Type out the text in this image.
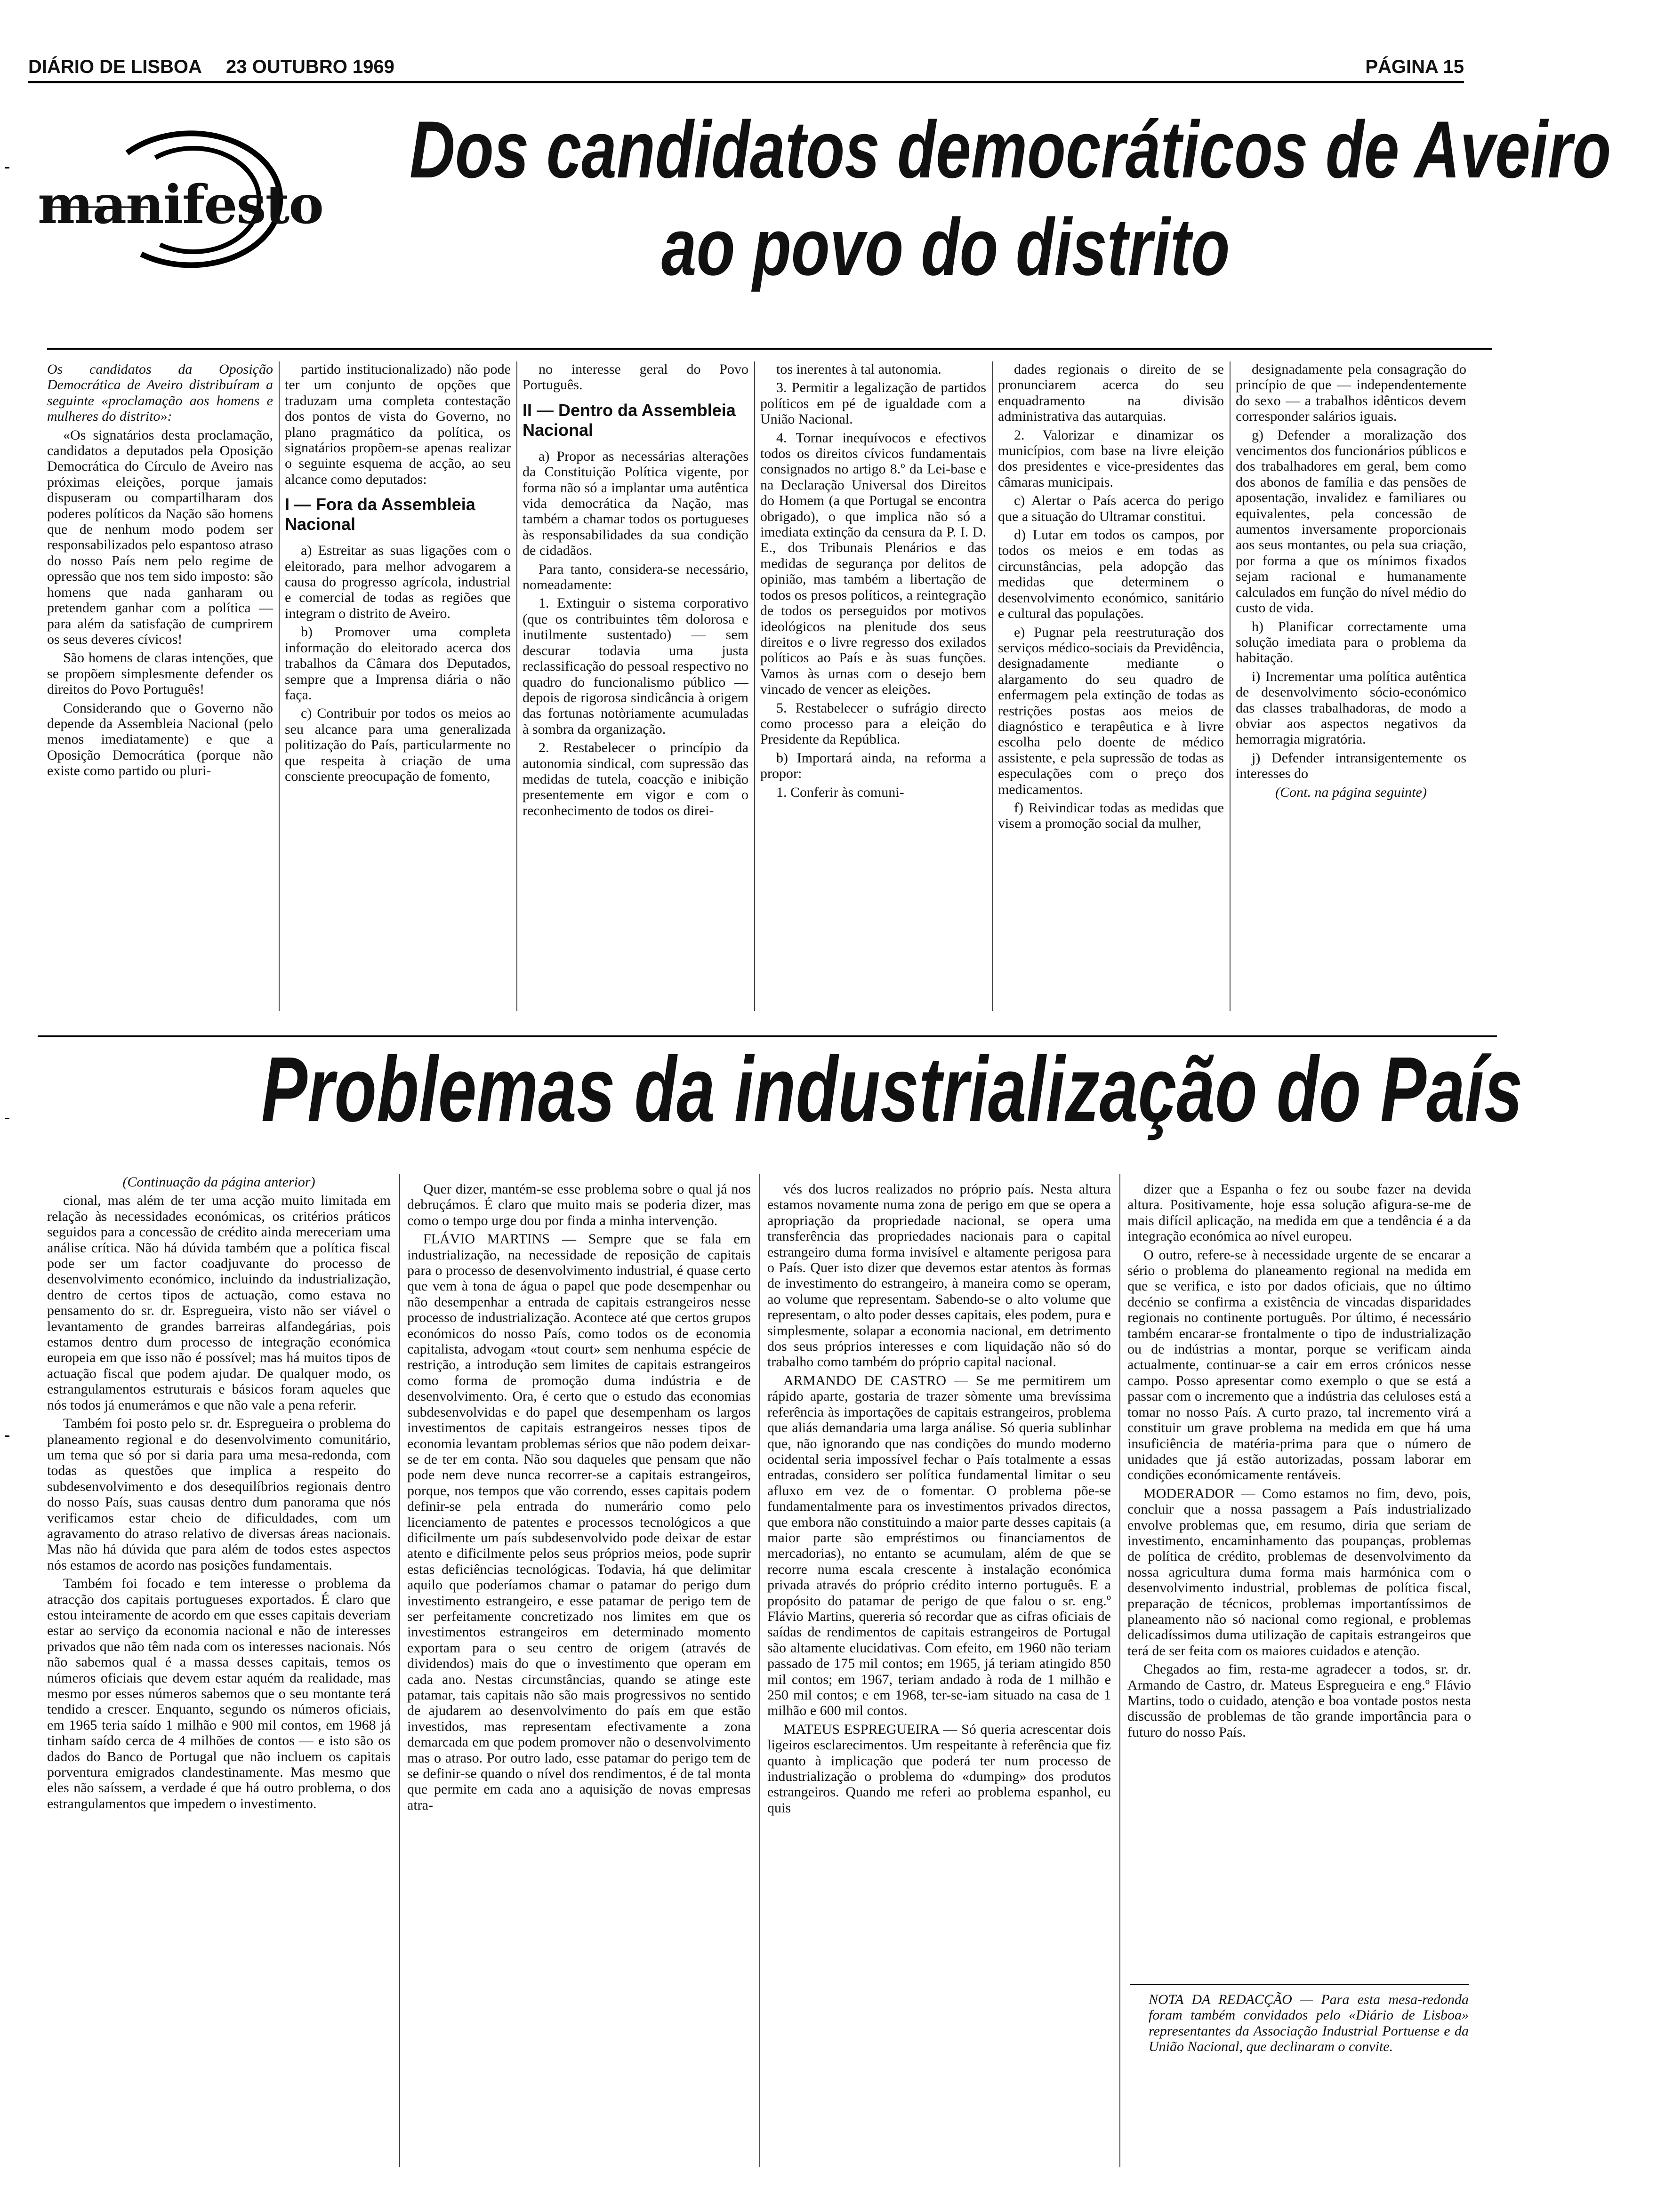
DIÁRIO DE LISBOA 23 OUTUBRO 1969	PÁGINA 15
manifesto
Dos candidatos democráticos de Aveiro
ao povo do distrito

Os candidatos da Oposição Democrática de Aveiro distribuíram a seguinte «proclamação aos homens e mulheres do distrito»:

«Os signatários desta proclamação, candidatos a deputados pela Oposição Democrática do Círculo de Aveiro nas próximas eleições, porque jamais dispuseram ou compartilharam dos poderes políticos da Nação são homens que de nenhum modo podem ser responsabilizados pelo espantoso atraso do nosso País nem pelo regime de opressão que nos tem sido imposto: são homens que nada ganharam ou pretendem ganhar com a política — para além da satisfação de cumprirem os seus deveres cívicos!

São homens de claras intenções, que se propõem simplesmente defender os direitos do Povo Português!

Considerando que o Governo não depende da Assembleia Nacional (pelo menos imediatamente) e que a Oposição Democrática (porque não existe como partido ou pluri-

partido institucionalizado) não pode ter um conjunto de opções que traduzam uma completa contestação dos pontos de vista do Governo, no plano pragmático da política, os signatários propõem-se apenas realizar o seguinte esquema de acção, ao seu alcance como deputados:

I — Fora da Assembleia Nacional

a) Estreitar as suas ligações com o eleitorado, para melhor advogarem a causa do progresso agrícola, industrial e comercial de todas as regiões que integram o distrito de Aveiro.

b) Promover uma completa informação do eleitorado acerca dos trabalhos da Câmara dos Deputados, sempre que a Imprensa diária o não faça.

c) Contribuir por todos os meios ao seu alcance para uma generalizada politização do País, particularmente no que respeita à criação de uma consciente preocupação de fomento,

no interesse geral do Povo Português.

II — Dentro da Assembleia Nacional

a) Propor as necessárias alterações da Constituição Política vigente, por forma não só a implantar uma autêntica vida democrática da Nação, mas também a chamar todos os portugueses às responsabilidades da sua condição de cidadãos.

Para tanto, considera-se necessário, nomeadamente:

1. Extinguir o sistema corporativo (que os contribuintes têm dolorosa e inutilmente sustentado) — sem descurar todavia uma justa reclassificação do pessoal respectivo no quadro do funcionalismo público — depois de rigorosa sindicância à origem das fortunas notòriamente acumuladas à sombra da organização.

2. Restabelecer o princípio da autonomia sindical, com supressão das medidas de tutela, coacção e inibição presentemente em vigor e com o reconhecimento de todos os direi-

tos inerentes à tal autonomia.

3. Permitir a legalização de partidos políticos em pé de igualdade com a União Nacional.

4. Tornar inequívocos e efectivos todos os direitos cívicos fundamentais consignados no artigo 8.º da Lei-base e na Declaração Universal dos Direitos do Homem (a que Portugal se encontra obrigado), o que implica não só a imediata extinção da censura da P. I. D. E., dos Tribunais Plenários e das medidas de segurança por delitos de opinião, mas também a libertação de todos os presos políticos, a reintegração de todos os perseguidos por motivos ideológicos na plenitude dos seus direitos e o livre regresso dos exilados políticos ao País e às suas funções. Vamos às urnas com o desejo bem vincado de vencer as eleições.

5. Restabelecer o sufrágio directo como processo para a eleição do Presidente da República.

b) Importará ainda, na reforma a propor:

1. Conferir às comuni-

dades regionais o direito de se pronunciarem acerca do seu enquadramento na divisão administrativa das autarquias.

2. Valorizar e dinamizar os municípios, com base na livre eleição dos presidentes e vice-presidentes das câmaras municipais.

c) Alertar o País acerca do perigo que a situação do Ultramar constitui.

d) Lutar em todos os campos, por todos os meios e em todas as circunstâncias, pela adopção das medidas que determinem o desenvolvimento económico, sanitário e cultural das populações.

e) Pugnar pela reestruturação dos serviços médico-sociais da Previdência, designadamente mediante o alargamento do seu quadro de enfermagem pela extinção de todas as restrições postas aos meios de diagnóstico e terapêutica e à livre escolha pelo doente de médico assistente, e pela supressão de todas as especulações com o preço dos medicamentos.

f) Reivindicar todas as medidas que visem a promoção social da mulher,

designadamente pela consagração do princípio de que — independentemente do sexo — a trabalhos idênticos devem corresponder salários iguais.

g) Defender a moralização dos vencimentos dos funcionários públicos e dos trabalhadores em geral, bem como dos abonos de família e das pensões de aposentação, invalidez e familiares ou equivalentes, pela concessão de aumentos inversamente proporcionais aos seus montantes, ou pela sua criação, por forma a que os mínimos fixados sejam racional e humanamente calculados em função do nível médio do custo de vida.

h) Planificar correctamente uma solução imediata para o problema da habitação.

i) Incrementar uma política autêntica de desenvolvimento sócio-económico das classes trabalhadoras, de modo a obviar aos aspectos negativos da hemorragia migratória.

j) Defender intransigentemente os interesses do

(Cont. na página seguinte)

Problemas da industrialização do País

(Continuação da página anterior)

cional, mas além de ter uma acção muito limitada em relação às necessidades económicas, os critérios práticos seguidos para a concessão de crédito ainda mereceriam uma análise crítica. Não há dúvida também que a política fiscal pode ser um factor coadjuvante do processo de desenvolvimento económico, incluindo da industrialização, dentro de certos tipos de actuação, como estava no pensamento do sr. dr. Espregueira, visto não ser viável o levantamento de grandes barreiras alfandegárias, pois estamos dentro dum processo de integração económica europeia em que isso não é possível; mas há muitos tipos de actuação fiscal que podem ajudar. De qualquer modo, os estrangulamentos estruturais e básicos foram aqueles que nós todos já enumerámos e que não vale a pena referir.

Também foi posto pelo sr. dr. Espregueira o problema do planeamento regional e do desenvolvimento comunitário, um tema que só por si daria para uma mesa-redonda, com todas as questões que implica a respeito do subdesenvolvimento e dos desequilíbrios regionais dentro do nosso País, suas causas dentro dum panorama que nós verificamos estar cheio de dificuldades, com um agravamento do atraso relativo de diversas áreas nacionais. Mas não há dúvida que para além de todos estes aspectos nós estamos de acordo nas posições fundamentais.

Também foi focado e tem interesse o problema da atracção dos capitais portugueses exportados. É claro que estou inteiramente de acordo em que esses capitais deveriam estar ao serviço da economia nacional e não de interesses privados que não têm nada com os interesses nacionais. Nós não sabemos qual é a massa desses capitais, temos os números oficiais que devem estar aquém da realidade, mas mesmo por esses números sabemos que o seu montante terá tendido a crescer. Enquanto, segundo os números oficiais, em 1965 teria saído 1 milhão e 900 mil contos, em 1968 já tinham saído cerca de 4 milhões de contos — e isto são os dados do Banco de Portugal que não incluem os capitais porventura emigrados clandestinamente. Mas mesmo que eles não saíssem, a verdade é que há outro problema, o dos estrangulamentos que impedem o investimento.

Quer dizer, mantém-se esse problema sobre o qual já nos debruçámos. É claro que muito mais se poderia dizer, mas como o tempo urge dou por finda a minha intervenção.

FLÁVIO MARTINS — Sempre que se fala em industrialização, na necessidade de reposição de capitais para o processo de desenvolvimento industrial, é quase certo que vem à tona de água o papel que pode desempenhar ou não desempenhar a entrada de capitais estrangeiros nesse processo de industrialização. Acontece até que certos grupos económicos do nosso País, como todos os de economia capitalista, advogam «tout court» sem nenhuma espécie de restrição, a introdução sem limites de capitais estrangeiros como forma de promoção duma indústria e de desenvolvimento. Ora, é certo que o estudo das economias subdesenvolvidas e do papel que desempenham os largos investimentos de capitais estrangeiros nesses tipos de economia levantam problemas sérios que não podem deixar-se de ter em conta. Não sou daqueles que pensam que não pode nem deve nunca recorrer-se a capitais estrangeiros, porque, nos tempos que vão correndo, esses capitais podem definir-se pela entrada do numerário como pelo licenciamento de patentes e processos tecnológicos a que dificilmente um país subdesenvolvido pode deixar de estar atento e dificilmente pelos seus próprios meios, pode suprir estas deficiências tecnológicas. Todavia, há que delimitar aquilo que poderíamos chamar o patamar do perigo dum investimento estrangeiro, e esse patamar de perigo tem de ser perfeitamente concretizado nos limites em que os investimentos estrangeiros em determinado momento exportam para o seu centro de origem (através de dividendos) mais do que o investimento que operam em cada ano. Nestas circunstâncias, quando se atinge este patamar, tais capitais não são mais progressivos no sentido de ajudarem ao desenvolvimento do país em que estão investidos, mas representam efectivamente a zona demarcada em que podem promover não o desenvolvimento mas o atraso. Por outro lado, esse patamar do perigo tem de se definir-se quando o nível dos rendimentos, é de tal monta que permite em cada ano a aquisição de novas empresas atra-

vés dos lucros realizados no próprio país. Nesta altura estamos novamente numa zona de perigo em que se opera a apropriação da propriedade nacional, se opera uma transferência das propriedades nacionais para o capital estrangeiro duma forma invisível e altamente perigosa para o País. Quer isto dizer que devemos estar atentos às formas de investimento do estrangeiro, à maneira como se operam, ao volume que representam. Sabendo-se o alto volume que representam, o alto poder desses capitais, eles podem, pura e simplesmente, solapar a economia nacional, em detrimento dos seus próprios interesses e com liquidação não só do trabalho como também do próprio capital nacional.

ARMANDO DE CASTRO — Se me permitirem um rápido aparte, gostaria de trazer sòmente uma brevíssima referência às importações de capitais estrangeiros, problema que aliás demandaria uma larga análise. Só queria sublinhar que, não ignorando que nas condições do mundo moderno ocidental seria impossível fechar o País totalmente a essas entradas, considero ser política fundamental limitar o seu afluxo em vez de o fomentar. O problema põe-se fundamentalmente para os investimentos privados directos, que embora não constituindo a maior parte desses capitais (a maior parte são empréstimos ou financiamentos de mercadorias), no entanto se acumulam, além de que se recorre numa escala crescente à instalação económica privada através do próprio crédito interno português. E a propósito do patamar de perigo de que falou o sr. eng.º Flávio Martins, quereria só recordar que as cifras oficiais de saídas de rendimentos de capitais estrangeiros de Portugal são altamente elucidativas. Com efeito, em 1960 não teriam passado de 175 mil contos; em 1965, já teriam atingido 850 mil contos; em 1967, teriam andado à roda de 1 milhão e 250 mil contos; e em 1968, ter-se-iam situado na casa de 1 milhão e 600 mil contos.

MATEUS ESPREGUEIRA — Só queria acrescentar dois ligeiros esclarecimentos. Um respeitante à referência que fiz quanto à implicação que poderá ter num processo de industrialização o problema do «dumping» dos produtos estrangeiros. Quando me referi ao problema espanhol, eu quis

dizer que a Espanha o fez ou soube fazer na devida altura. Positivamente, hoje essa solução afigura-se-me de mais difícil aplicação, na medida em que a tendência é a da integração económica ao nível europeu.

O outro, refere-se à necessidade urgente de se encarar a sério o problema do planeamento regional na medida em que se verifica, e isto por dados oficiais, que no último decénio se confirma a existência de vincadas disparidades regionais no continente português. Por último, é necessário também encarar-se frontalmente o tipo de industrialização ou de indústrias a montar, porque se verificam ainda actualmente, continuar-se a cair em erros crónicos nesse campo. Posso apresentar como exemplo o que se está a passar com o incremento que a indústria das celuloses está a tomar no nosso País. A curto prazo, tal incremento virá a constituir um grave problema na medida em que há uma insuficiência de matéria-prima para que o número de unidades que já estão autorizadas, possam laborar em condições económicamente rentáveis.

MODERADOR — Como estamos no fim, devo, pois, concluir que a nossa passagem a País industrializado envolve problemas que, em resumo, diria que seriam de investimento, encaminhamento das poupanças, problemas de política de crédito, problemas de desenvolvimento da nossa agricultura duma forma mais harmónica com o desenvolvimento industrial, problemas de política fiscal, preparação de técnicos, problemas importantíssimos de planeamento não só nacional como regional, e problemas delicadíssimos duma utilização de capitais estrangeiros que terá de ser feita com os maiores cuidados e atenção.

Chegados ao fim, resta-me agradecer a todos, sr. dr. Armando de Castro, dr. Mateus Espregueira e eng.º Flávio Martins, todo o cuidado, atenção e boa vontade postos nesta discussão de problemas de tão grande importância para o futuro do nosso País.

NOTA DA REDACÇÃO — Para esta mesa-redonda foram também convidados pelo «Diário de Lisboa» representantes da Associação Industrial Portuense e da União Nacional, que declinaram o convite.
